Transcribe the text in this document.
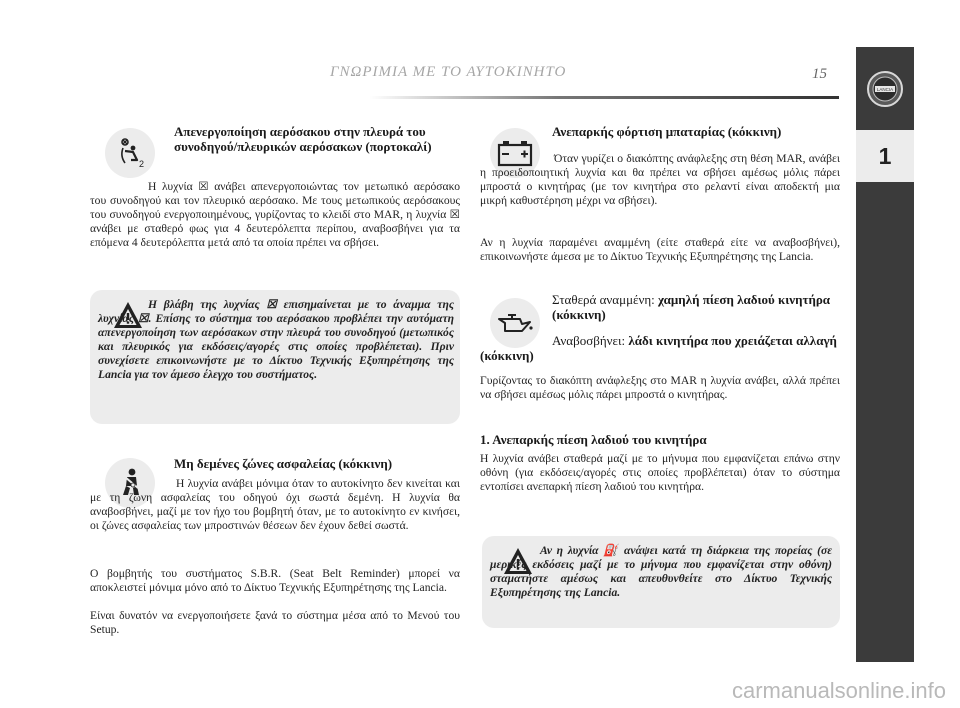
ΓΝΩΡΙΜΙΑ ΜΕ ΤΟ ΑΥΤΟΚΙΝΗΤΟ	15
LANCIA
1
2
Απενεργοποίηση αερόσακου στην πλευρά του συνοδηγού/πλευρικών αερόσακων (πορτοκαλί)
Η λυχνία ☒ ανάβει απενεργοποιώντας τον μετωπικό αερόσακο του συνοδηγού και τον πλευρικό αερόσακο. Με τους μετωπικούς αερόσακους του συνοδηγού ενεργοποιημένους, γυρίζοντας το κλειδί στο MAR, η λυχνία ☒ ανάβει με σταθερό φως για 4 δευτερόλεπτα περίπου, αναβοσβήνει για τα επόμενα 4 δευτερόλεπτα μετά από τα οποία πρέπει να σβήσει.
Η βλάβη της λυχνίας ☒ επισημαίνεται με το άναμμα της λυχνίας ☒. Επίσης το σύστημα του αερόσακου προβλέπει την αυτόματη απενεργοποίηση των αερόσακων στην πλευρά του συνοδηγού (μετωπικός και πλευρικός για εκδόσεις/αγορές στις οποίες προβλέπεται). Πριν συνεχίσετε επικοινωνήστε με το Δίκτυο Τεχνικής Εξυπηρέτησης της Lancia για τον άμεσο έλεγχο του συστήματος.
Μη δεμένες ζώνες ασφαλείας (κόκκινη)
Η λυχνία ανάβει μόνιμα όταν το αυτοκίνητο δεν κινείται και με τη ζώνη ασφαλείας του οδηγού όχι σωστά δεμένη. Η λυχνία θα αναβοσβήνει, μαζί με τον ήχο του βομβητή όταν, με το αυτοκίνητο εν κινήσει, οι ζώνες ασφαλείας των μπροστινών θέσεων δεν έχουν δεθεί σωστά.
Ο βομβητής του συστήματος S.B.R. (Seat Belt Reminder) μπορεί να αποκλειστεί μόνιμα μόνο από το Δίκτυο Τεχνικής Εξυπηρέτησης της Lancia.
Είναι δυνατόν να ενεργοποιήσετε ξανά το σύστημα μέσα από το Μενού του Setup.
Ανεπαρκής φόρτιση μπαταρίας (κόκκινη)
Όταν γυρίζει ο διακόπτης ανάφλεξης στη θέση MAR, ανάβει η προειδοποιητική λυχνία και θα πρέπει να σβήσει αμέσως μόλις πάρει μπροστά ο κινητήρας (με τον κινητήρα στο ρελαντί είναι αποδεκτή μια μικρή καθυστέρηση μέχρι να σβήσει).
Αν η λυχνία παραμένει αναμμένη (είτε σταθερά είτε να αναβοσβήνει), επικοινωνήστε άμεσα με το Δίκτυο Τεχνικής Εξυπηρέτησης της Lancia.
Σταθερά αναμμένη: χαμηλή πίεση λαδιού κινητήρα (κόκκινη)
Αναβοσβήνει: λάδι κινητήρα που χρειάζεται αλλαγή (κόκκινη)
Γυρίζοντας το διακόπτη ανάφλεξης στο MAR η λυχνία ανάβει, αλλά πρέπει να σβήσει αμέσως μόλις πάρει μπροστά ο κινητήρας.
1. Ανεπαρκής πίεση λαδιού του κινητήρα
Η λυχνία ανάβει σταθερά μαζί με το μήνυμα που εμφανίζεται επάνω στην οθόνη (για εκδόσεις/αγορές στις οποίες προβλέπεται) όταν το σύστημα εντοπίσει ανεπαρκή πίεση λαδιού του κινητήρα.
Αν η λυχνία ⛽ ανάψει κατά τη διάρκεια της πορείας (σε μερικές εκδόσεις μαζί με το μήνυμα που εμφανίζεται στην οθόνη) σταματήστε αμέσως και απευθυνθείτε στο Δίκτυο Τεχνικής Εξυπηρέτησης της Lancia.
carmanualsonline.info
